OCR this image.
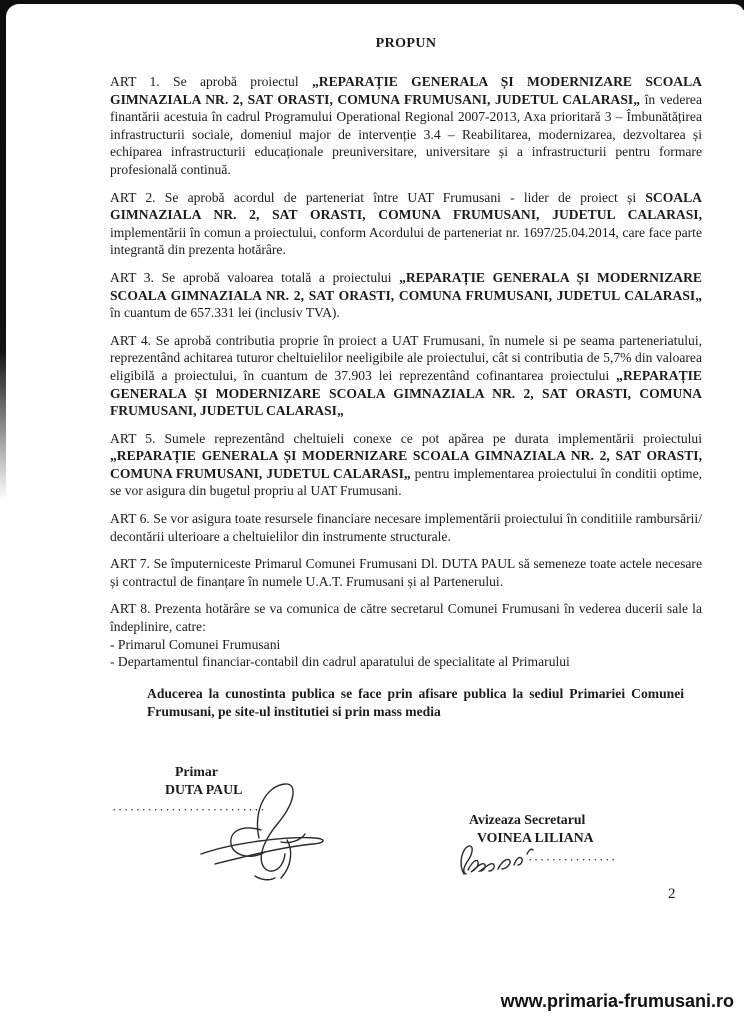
PROPUN

ART 1. Se aprobă proiectul „REPARAȚIE GENERALA ȘI MODERNIZARE SCOALA GIMNAZIALA NR. 2, SAT ORASTI, COMUNA FRUMUSANI, JUDETUL CALARASI„ în vederea finantării acestuia în cadrul Programului Operational Regional 2007-2013, Axa prioritară 3 – Îmbunătățirea infrastructurii sociale, domeniul major de intervenție 3.4 – Reabilitarea, modernizarea, dezvoltarea și echiparea infrastructurii educaționale preuniversitare, universitare și a infrastructurii pentru formare profesională continuă.

ART 2. Se aprobă acordul de parteneriat între UAT Frumusani - lider de proiect și SCOALA GIMNAZIALA NR. 2, SAT ORASTI, COMUNA FRUMUSANI, JUDETUL CALARASI, implementării în comun a proiectului, conform Acordului de parteneriat nr. 1697/25.04.2014, care face parte integrantă din prezenta hotărâre.

ART 3. Se aprobă valoarea totală a proiectului „REPARAȚIE GENERALA ȘI MODERNIZARE SCOALA GIMNAZIALA NR. 2, SAT ORASTI, COMUNA FRUMUSANI, JUDETUL CALARASI„ în cuantum de 657.331 lei (inclusiv TVA).

ART 4. Se aprobă contributia proprie în proiect a UAT Frumusani, în numele si pe seama parteneriatului, reprezentând achitarea tuturor cheltuielilor neeligibile ale proiectului, cât si contributia de 5,7% din valoarea eligibilă a proiectului, în cuantum de 37.903 lei reprezentând cofinantarea proiectului „REPARAȚIE GENERALA ȘI MODERNIZARE SCOALA GIMNAZIALA NR. 2, SAT ORASTI, COMUNA FRUMUSANI, JUDETUL CALARASI„

ART 5. Sumele reprezentând cheltuieli conexe ce pot apărea pe durata implementării proiectului „REPARAȚIE GENERALA ȘI MODERNIZARE SCOALA GIMNAZIALA NR. 2, SAT ORASTI, COMUNA FRUMUSANI, JUDETUL CALARASI„ pentru implementarea proiectului în conditii optime, se vor asigura din bugetul propriu al UAT Frumusani.

ART 6. Se vor asigura toate resursele financiare necesare implementării proiectului în conditiile rambursării/ decontării ulterioare a cheltuielilor din instrumente structurale.

ART 7. Se împuterniceste Primarul Comunei Frumusani Dl. DUTA PAUL să semeneze toate actele necesare și contractul de finanțare în numele U.A.T. Frumusani și al Partenerului.

ART 8. Prezenta hotărâre se va comunica de către secretarul Comunei Frumusani în vederea ducerii sale la îndeplinire, catre:

- Primarul Comunei Frumusani
- Departamentul financiar-contabil din cadrul aparatului de specialitate al Primarului
Aducerea la cunostinta publica se face prin afisare publica la sediul Primariei Comunei Frumusani, pe site-ul institutiei si prin mass media
Primar
DUTA PAUL
··························
Avizeaza Secretarul
VOINEA LILIANA
···············
2
www.primaria-frumusani.ro
